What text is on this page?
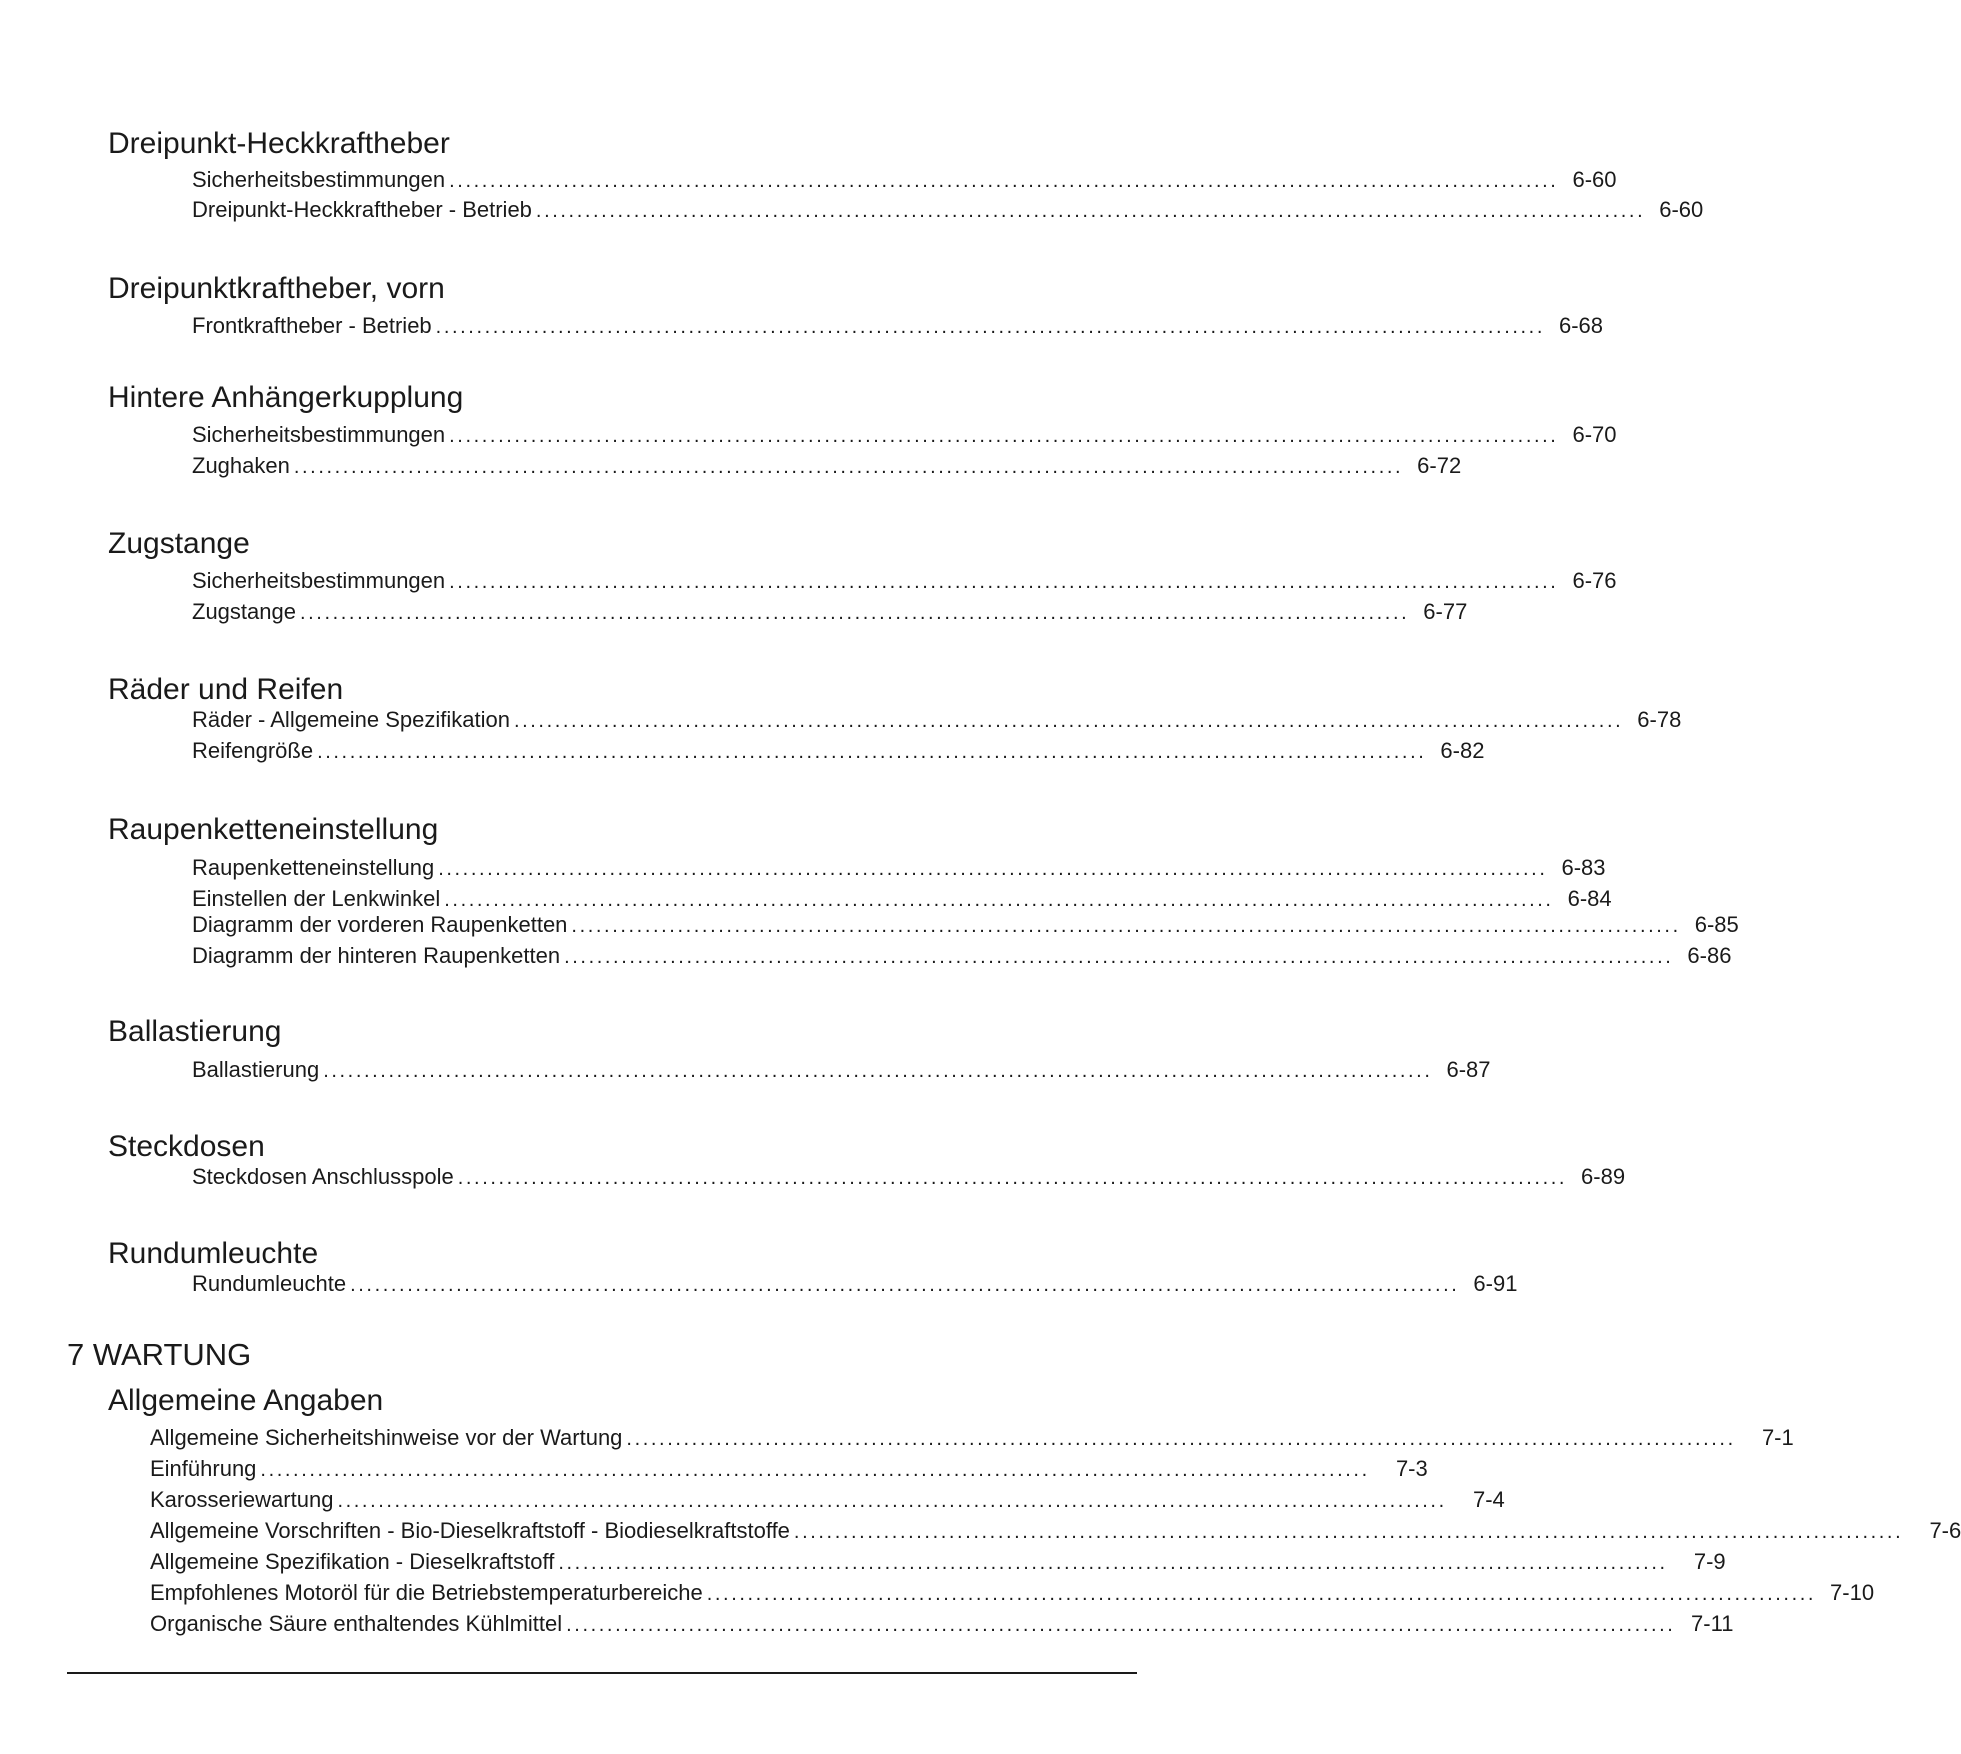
Dreipunkt-Heckkraftheber
Sicherheitsbestimmungen ........................................................................................................................................ 6-60
Dreipunkt-Heckkraftheber - Betrieb ........................................................................................................................................ 6-60
Dreipunktkraftheber, vorn
Frontkraftheber - Betrieb ........................................................................................................................................ 6-68
Hintere Anhängerkupplung
Sicherheitsbestimmungen ........................................................................................................................................ 6-70
Zughaken ........................................................................................................................................ 6-72
Zugstange
Sicherheitsbestimmungen ........................................................................................................................................ 6-76
Zugstange ........................................................................................................................................ 6-77
Räder und Reifen
Räder - Allgemeine Spezifikation ........................................................................................................................................ 6-78
Reifengröße ........................................................................................................................................ 6-82
Raupenketteneinstellung
Raupenketteneinstellung ........................................................................................................................................ 6-83
Einstellen der Lenkwinkel ........................................................................................................................................ 6-84
Diagramm der vorderen Raupenketten ........................................................................................................................................ 6-85
Diagramm der hinteren Raupenketten ........................................................................................................................................ 6-86
Ballastierung
Ballastierung ........................................................................................................................................ 6-87
Steckdosen
Steckdosen Anschlusspole ........................................................................................................................................ 6-89
Rundumleuchte
Rundumleuchte ........................................................................................................................................ 6-91
7 WARTUNG
Allgemeine Angaben
Allgemeine Sicherheitshinweise vor der Wartung ........................................................................................................................................	7-1
Einführung ........................................................................................................................................	7-3
Karosseriewartung ........................................................................................................................................	7-4
Allgemeine Vorschriften - Bio-Dieselkraftstoff - Biodieselkraftstoffe ........................................................................................................................................	7-6
Allgemeine Spezifikation - Dieselkraftstoff ........................................................................................................................................	7-9
Empfohlenes Motoröl für die Betriebstemperaturbereiche ........................................................................................................................................ 7-10
Organische Säure enthaltendes Kühlmittel ........................................................................................................................................ 7-11
